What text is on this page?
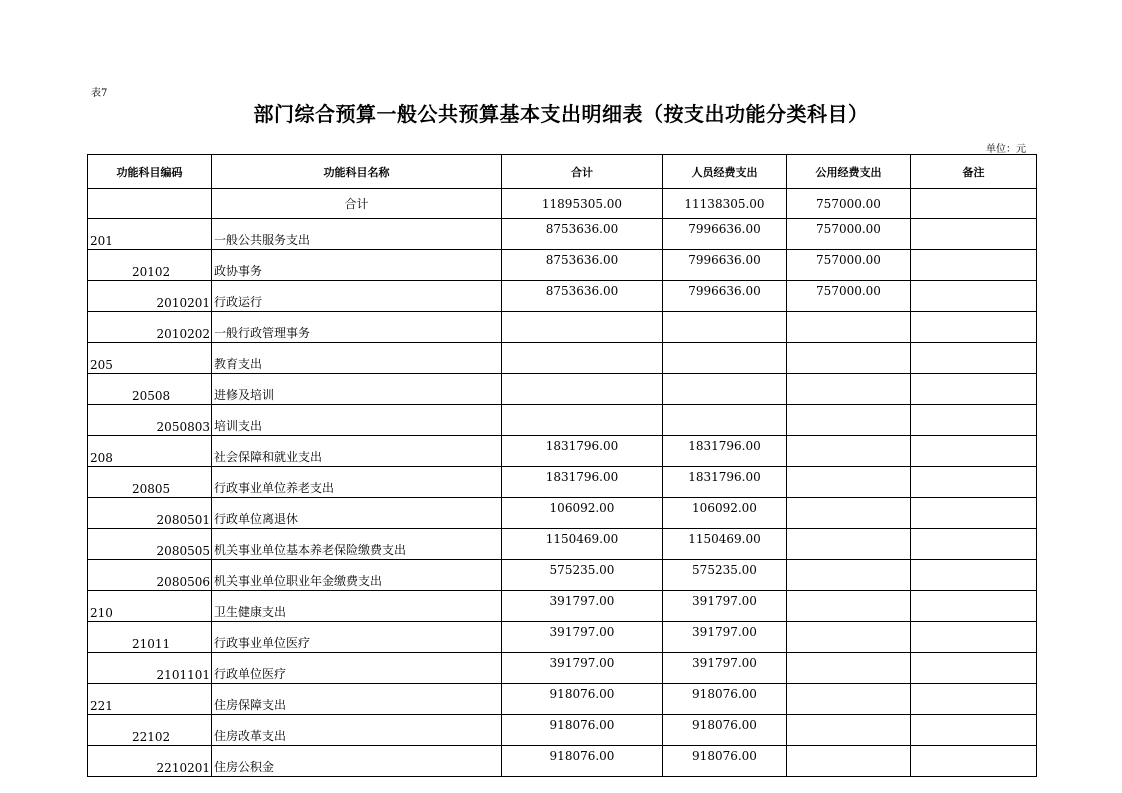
表7
部门综合预算一般公共预算基本支出明细表（按支出功能分类科目）
单位：元
功能科目编码	功能科目名称	合计	人员经费支出	公用经费支出	备注
	合计	11895305.00	11138305.00	757000.00	
201	一般公共服务支出	8753636.00	7996636.00	757000.00	
20102	政协事务	8753636.00	7996636.00	757000.00	
2010201	行政运行	8753636.00	7996636.00	757000.00	
2010202	一般行政管理事务				
205	教育支出				
20508	进修及培训				
2050803	培训支出				
208	社会保障和就业支出	1831796.00	1831796.00		
20805	行政事业单位养老支出	1831796.00	1831796.00		
2080501	行政单位离退休	106092.00	106092.00		
2080505	机关事业单位基本养老保险缴费支出	1150469.00	1150469.00		
2080506	机关事业单位职业年金缴费支出	575235.00	575235.00		
210	卫生健康支出	391797.00	391797.00		
21011	行政事业单位医疗	391797.00	391797.00		
2101101	行政单位医疗	391797.00	391797.00		
221	住房保障支出	918076.00	918076.00		
22102	住房改革支出	918076.00	918076.00		
2210201	住房公积金	918076.00	918076.00		
